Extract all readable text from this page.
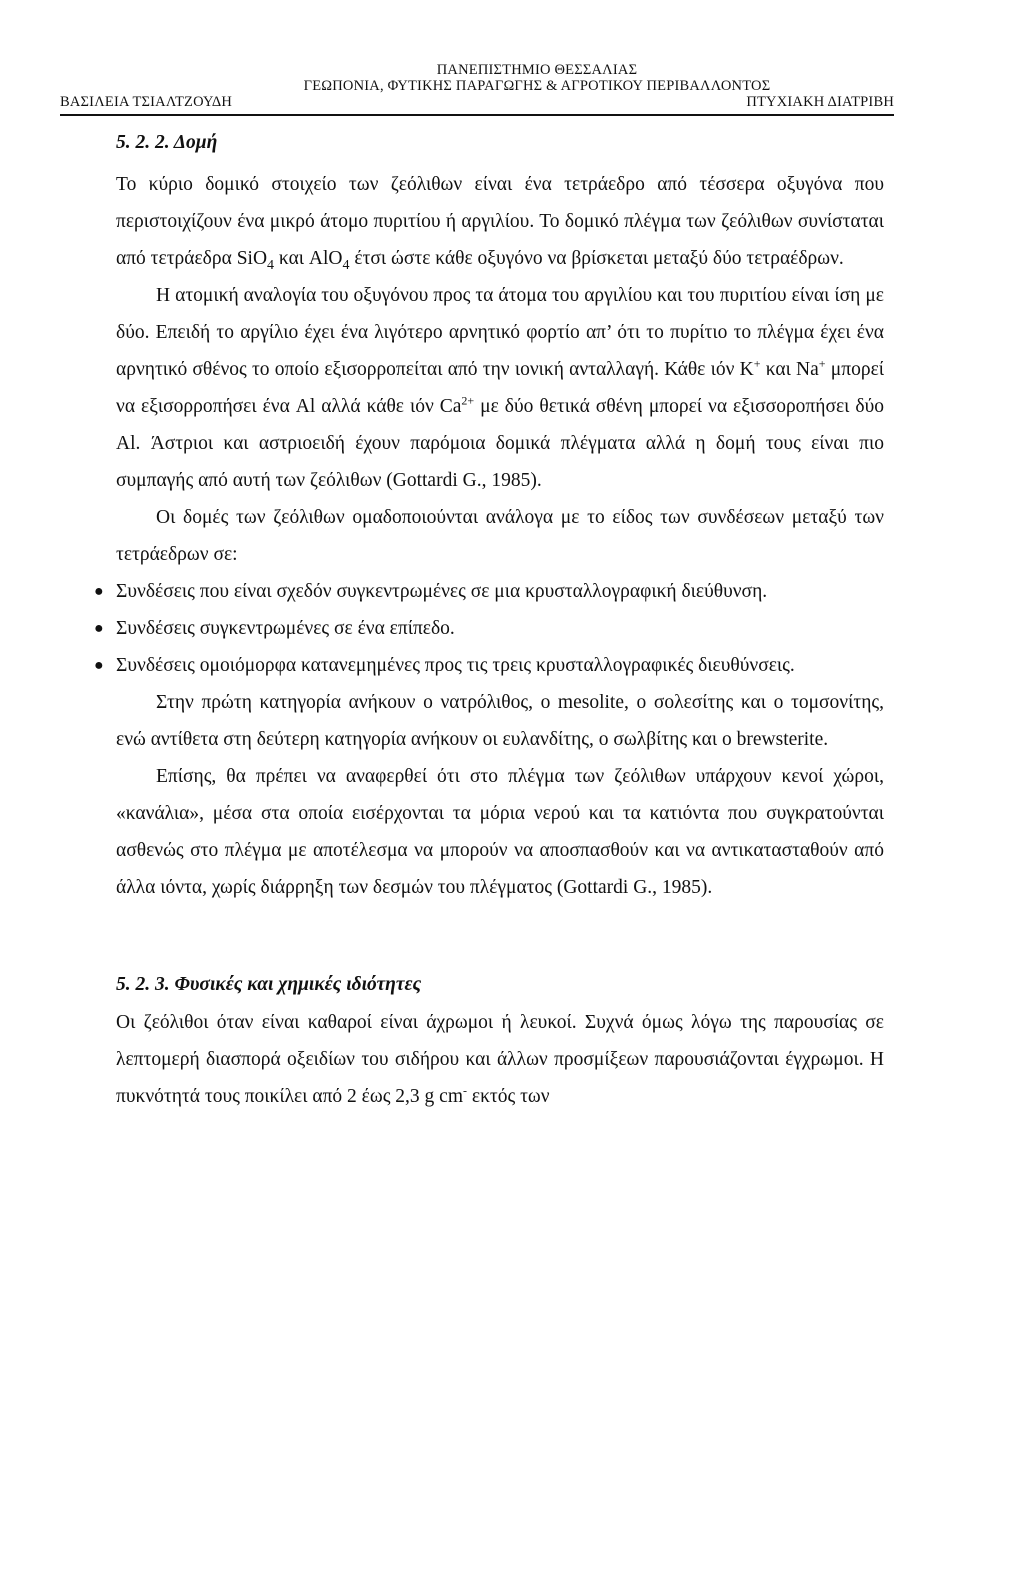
ΠΑΝΕΠΙΣΤΗΜΙΟ ΘΕΣΣΑΛΙΑΣ
ΓΕΩΠΟΝΙΑ, ΦΥΤΙΚΗΣ ΠΑΡΑΓΩΓΗΣ & ΑΓΡΟΤΙΚΟΥ ΠΕΡΙΒΑΛΛΟΝΤΟΣ
ΒΑΣΙΛΕΙΑ ΤΣΙΑΛΤΖΟΥΔΗ	ΠΤΥΧΙΑΚΗ ΔΙΑΤΡΙΒΗ
5. 2. 2. Δομή

Το κύριο δομικό στοιχείο των ζεόλιθων είναι ένα τετράεδρο από τέσσερα οξυγόνα που περιστοιχίζουν ένα μικρό άτομο πυριτίου ή αργιλίου. Το δομικό πλέγμα των ζεόλιθων συνίσταται από τετράεδρα SiO$_4$ και AlO$_4$ έτσι ώστε κάθε οξυγόνο να βρίσκεται μεταξύ δύο τετραέδρων.

Η ατομική αναλογία του οξυγόνου προς τα άτομα του αργιλίου και του πυριτίου είναι ίση με δύο. Επειδή το αργίλιο έχει ένα λιγότερο αρνητικό φορτίο απ’ ότι το πυρίτιο το πλέγμα έχει ένα αρνητικό σθένος το οποίο εξισορροπείται από την ιονική ανταλλαγή. Κάθε ιόν K+ και Na+ μπορεί να εξισορροπήσει ένα Al αλλά κάθε ιόν $Ca^{2+}$ με δύο θετικά σθένη μπορεί να εξισσοροπήσει δύο Al. Άστριοι και αστριοειδή έχουν παρόμοια δομικά πλέγματα αλλά η δομή τους είναι πιο συμπαγής από αυτή των ζεόλιθων (Gottardi G., 1985).

Οι δομές των ζεόλιθων ομαδοποιούνται ανάλογα με το είδος των συνδέσεων μεταξύ των τετράεδρων σε:

● Συνδέσεις που είναι σχεδόν συγκεντρωμένες σε μια κρυσταλλογραφική διεύθυνση.
● Συνδέσεις συγκεντρωμένες σε ένα επίπεδο.
● Συνδέσεις ομοιόμορφα κατανεμημένες προς τις τρεις κρυσταλλογραφικές διευθύνσεις.

Στην πρώτη κατηγορία ανήκουν ο νατρόλιθος, ο mesolite, ο σολεσίτης και ο τομσονίτης, ενώ αντίθετα στη δεύτερη κατηγορία ανήκουν οι ευλανδίτης, ο σωλβίτης και ο brewsterite.

Επίσης, θα πρέπει να αναφερθεί ότι στο πλέγμα των ζεόλιθων υπάρχουν κενοί χώροι, «κανάλια», μέσα στα οποία εισέρχονται τα μόρια νερού και τα κατιόντα που συγκρατούνται ασθενώς στο πλέγμα με αποτέλεσμα να μπορούν να αποσπασθούν και να αντικατασταθούν από άλλα ιόντα, χωρίς διάρρηξη των δεσμών του πλέγματος (Gottardi G., 1985).

5. 2. 3. Φυσικές και χημικές ιδιότητες

Οι ζεόλιθοι όταν είναι καθαροί είναι άχρωμοι ή λευκοί. Συχνά όμως λόγω της παρουσίας σε λεπτομερή διασπορά οξειδίων του σιδήρου και άλλων προσμίξεων παρουσιάζονται έγχρωμοι. Η πυκνότητά τους ποικίλει από 2 έως 2,3 g cm- εκτός των
